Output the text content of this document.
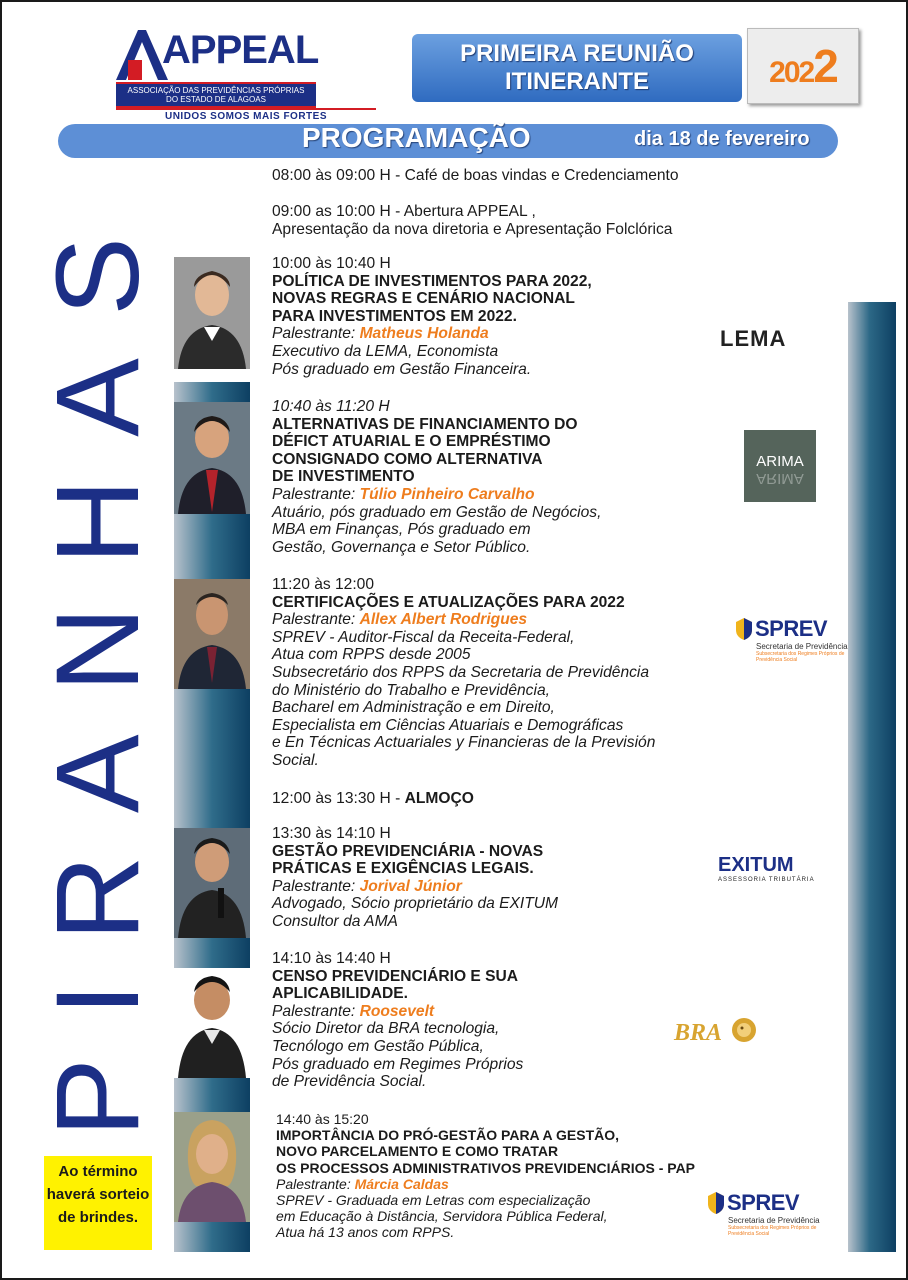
APPEAL
ASSOCIAÇÃO DAS PREVIDÊNCIAS PRÓPRIAS
DO ESTADO DE ALAGOAS
UNIDOS SOMOS MAIS FORTES
PRIMEIRA REUNIÃO
ITINERANTE	2022
PROGRAMAÇÃO	dia 18 de fevereiro
PIRANHAS
08:00 às 09:00 H - Café de boas vindas e Credenciamento
09:00 as 10:00 H - Abertura APPEAL ,
Apresentação da nova diretoria e Apresentação Folclórica
10:00 às 10:40 H
POLÍTICA DE INVESTIMENTOS PARA 2022,
NOVAS REGRAS E CENÁRIO NACIONAL
PARA INVESTIMENTOS EM 2022.
Palestrante: Matheus Holanda
Executivo da LEMA, Economista
Pós graduado em Gestão Financeira.
10:40 às 11:20 H
ALTERNATIVAS DE FINANCIAMENTO DO
DÉFICT ATUARIAL E O EMPRÉSTIMO
CONSIGNADO COMO ALTERNATIVA
DE INVESTIMENTO
Palestrante: Túlio Pinheiro Carvalho
Atuário, pós graduado em Gestão de Negócios,
MBA em Finanças, Pós graduado em
Gestão, Governança e Setor Público.
11:20 às 12:00
CERTIFICAÇÕES E ATUALIZAÇÕES PARA 2022
Palestrante: Allex Albert Rodrigues
SPREV - Auditor-Fiscal da Receita-Federal,
Atua com RPPS desde 2005
Subsecretário dos RPPS da Secretaria de Previdência
do Ministério do Trabalho e Previdência,
Bacharel em Administração e em Direito,
Especialista em Ciências Atuariais e Demográficas
e En Técnicas Actuariales y Financieras de la Previsión
Social.
12:00 às 13:30 H - ALMOÇO
13:30 às 14:10 H
GESTÃO PREVIDENCIÁRIA - NOVAS
PRÁTICAS E EXIGÊNCIAS LEGAIS.
Palestrante: Jorival Júnior
Advogado, Sócio proprietário da EXITUM
Consultor da AMA
14:10 às 14:40 H
CENSO PREVIDENCIÁRIO E SUA
APLICABILIDADE.
Palestrante: Roosevelt
Sócio Diretor da BRA tecnologia,
Tecnólogo em Gestão Pública,
Pós graduado em Regimes Próprios
de Previdência Social.
14:40 às 15:20
IMPORTÂNCIA DO PRÓ-GESTÃO PARA A GESTÃO,
NOVO PARCELAMENTO E COMO TRATAR
OS PROCESSOS ADMINISTRATIVOS PREVIDENCIÁRIOS - PAP
Palestrante: Márcia Caldas
SPREV - Graduada em Letras com especialização
em Educação à Distância, Servidora Pública Federal,
Atua há 13 anos com RPPS.
Ao término
haverá sorteio
de brindes.
LEMA
ARIMA
ARIMA
SPREV
Secretaria de Previdência
Subsecretaria dos Regimes Próprios de Previdência Social
EXITUM
ASSESSORIA TRIBUTÁRIA
BRA
SPREV
Secretaria de Previdência
Subsecretaria dos Regimes Próprios de Previdência Social
